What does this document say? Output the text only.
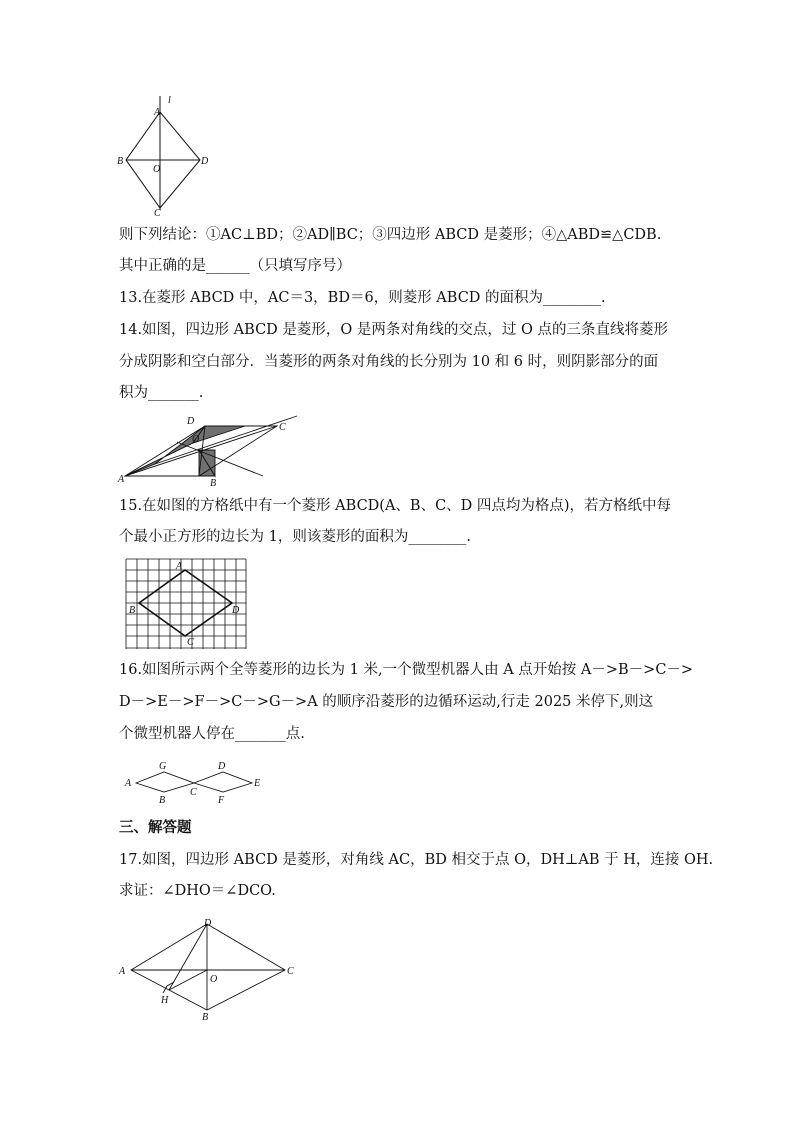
A
l
B
O
D
C
则下列结论：①AC⊥BD；②AD∥BC；③四边形 ABCD 是菱形；④△ABD≌△CDB.
其中正确的是______（只填写序号）
13.在菱形 ABCD 中，AC＝3，BD＝6，则菱形 ABCD 的面积为________.
14.如图，四边形 ABCD 是菱形，O 是两条对角线的交点，过 O 点的三条直线将菱形
分成阴影和空白部分．当菱形的两条对角线的长分别为 10 和 6 时，则阴影部分的面
积为_______.
D
O
C
A	B
15.在如图的方格纸中有一个菱形 ABCD(A、B、C、D 四点均为格点)，若方格纸中每
个最小正方形的边长为 1，则该菱形的面积为________.
A
B	D
C
16.如图所示两个全等菱形的边长为 1 米,一个微型机器人由 A 点开始按 A－>B－>C－>
D－>E－>F－>C－>G－>A 的顺序沿菱形的边循环运动,行走 2025 米停下,则这
个微型机器人停在_______点.
G	D
A
C
E
B	F
三、解答题
17.如图，四边形 ABCD 是菱形，对角线 AC，BD 相交于点 O，DH⊥AB 于 H，连接 OH.
求证：∠DHO＝∠DCO.
D
A
O
C
H
B
